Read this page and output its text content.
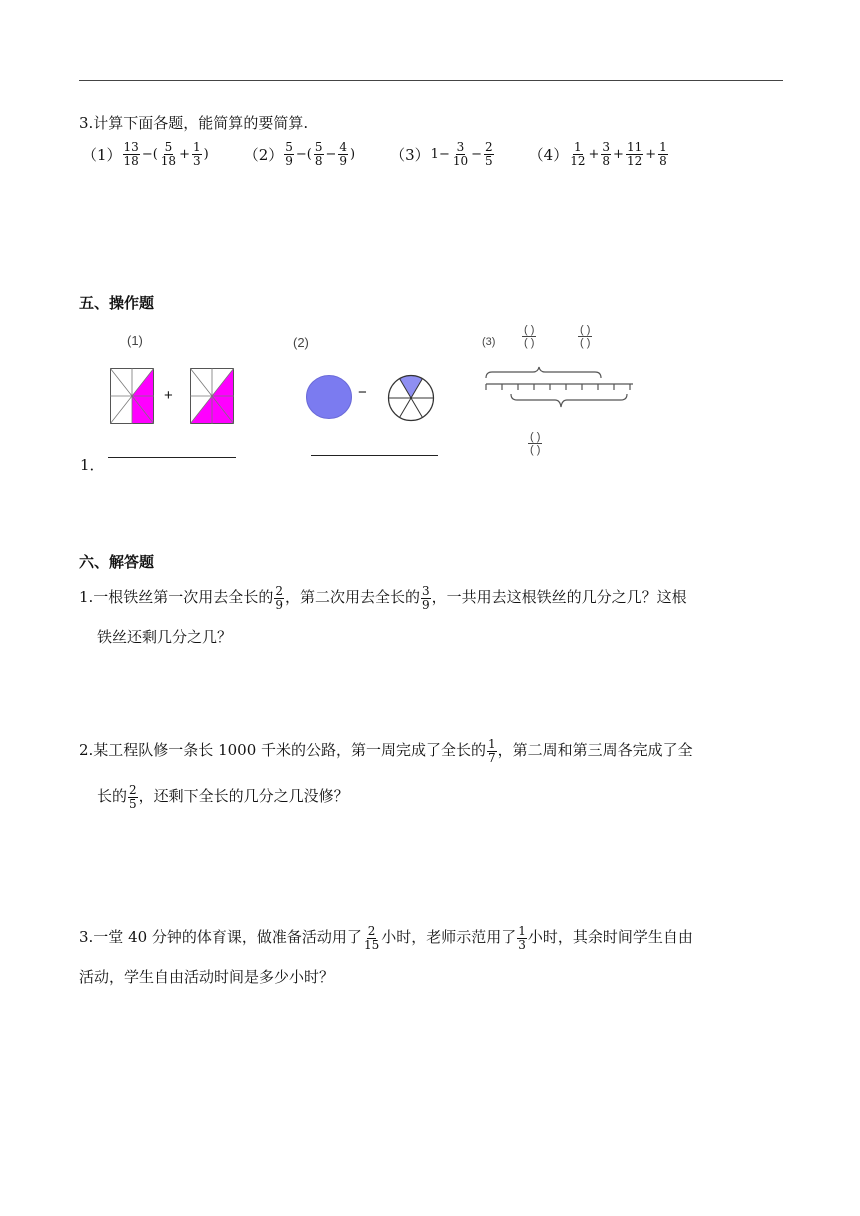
3.计算下面各题，能简算的要简算.
$(1) \frac{13}{18}$ −( $\frac{5}{18} + \frac{1}{3}$ ) $(2) \frac{5}{9}$ −( $\frac{5}{8} - \frac{4}{9}$ ) （3） $1- \frac{3}{10} - \frac{2}{5} (4) \frac{1}{12} + \frac{3}{8} + \frac{11}{12} + \frac{1}{8}$
五、操作题
(1)	(2)	(3)
+	−
( )
( )
( )
( )
( )
( )
1．
六、解答题

1.一根铁丝第一次用去全长的 $\frac{2}{9}$ ，第二次用去全长的 $\frac{3}{9}$ ，一共用去这根铁丝的几分之几？这根

铁丝还剩几分之几？

2.某工程队修一条长 1000 千米的公路，第一周完成了全长的 $\frac{1}{7}$ ，第二周和第三周各完成了全

长的 $\frac{2}{5}$ ，还剩下全长的几分之几没修？

3.一堂 40 分钟的体育课，做准备活动用了 $\frac{2}{15}$ 小时，老师示范用了 $\frac{1}{3}$ 小时，其余时间学生自由

活动，学生自由活动时间是多少小时？
